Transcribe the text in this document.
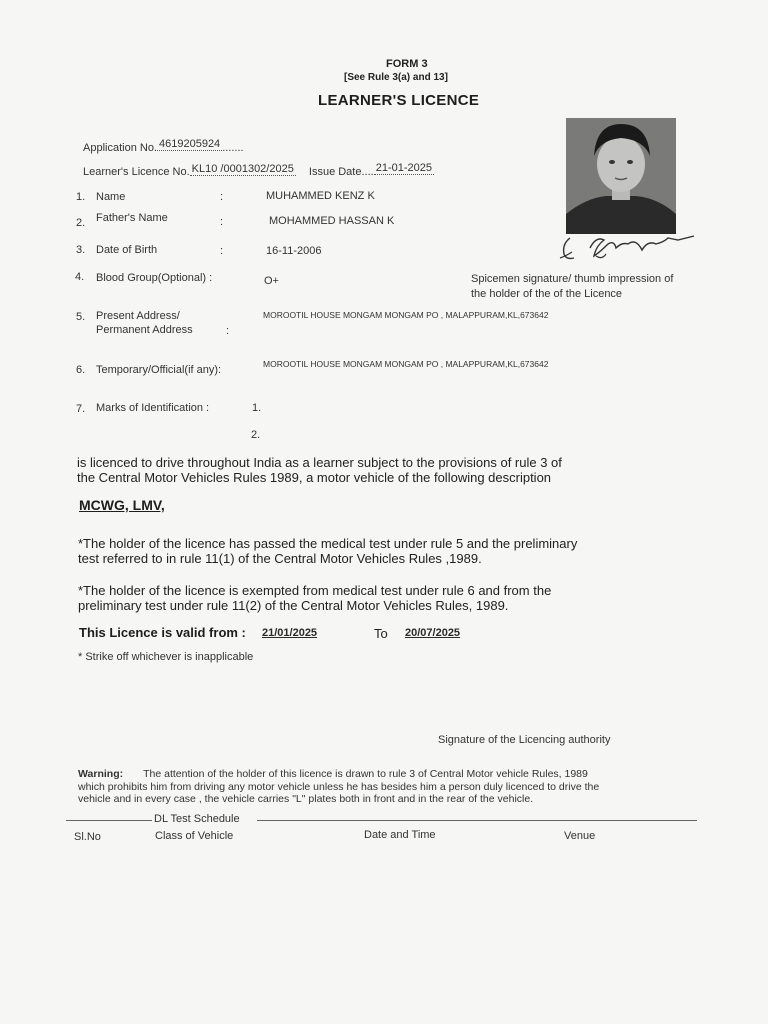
FORM 3
[See Rule 3(a) and 13]
LEARNER'S LICENCE
Application No. 4619205924 .......
Learner's Licence No. KL10 /0001302/2025 Issue Date.... 21-01-2025
1. Name	:	MUHAMMED KENZ K
2. Father's Name	:	MOHAMMED HASSAN K
3. Date of Birth	:	16-11-2006
4. Blood Group(Optional) :	O+	Spicemen signature/ thumb impression of
the holder of the of the Licence
5. Present Address/
Permanent Address	:
MOROOTIL HOUSE MONGAM MONGAM PO , MALAPPURAM,KL,673642
6. Temporary/Official(if any):	MOROOTIL HOUSE MONGAM MONGAM PO , MALAPPURAM,KL,673642
7. Marks of Identification :	1.
2.
is licenced to drive throughout India as a learner subject to the provisions of rule 3 of
the Central Motor Vehicles Rules 1989, a motor vehicle of the following description
MCWG, LMV,
*The holder of the licence has passed the medical test under rule 5 and the preliminary
test referred to in rule 11(1) of the Central Motor Vehicles Rules ,1989.
*The holder of the licence is exempted from medical test under rule 6 and from the
preliminary test under rule 11(2) of the Central Motor Vehicles Rules, 1989.
This Licence is valid from : 21/01/2025	To 20/07/2025
* Strike off whichever is inapplicable
Signature of the Licencing authority
Warning: The attention of the holder of this licence is drawn to rule 3 of Central Motor vehicle Rules, 1989
which prohibits him from driving any motor vehicle unless he has besides him a person duly licenced to drive the
vehicle and in every case , the vehicle carries "L" plates both in front and in the rear of the vehicle.
DL Test Schedule
Sl.No	Class of Vehicle	Date and Time	Venue
